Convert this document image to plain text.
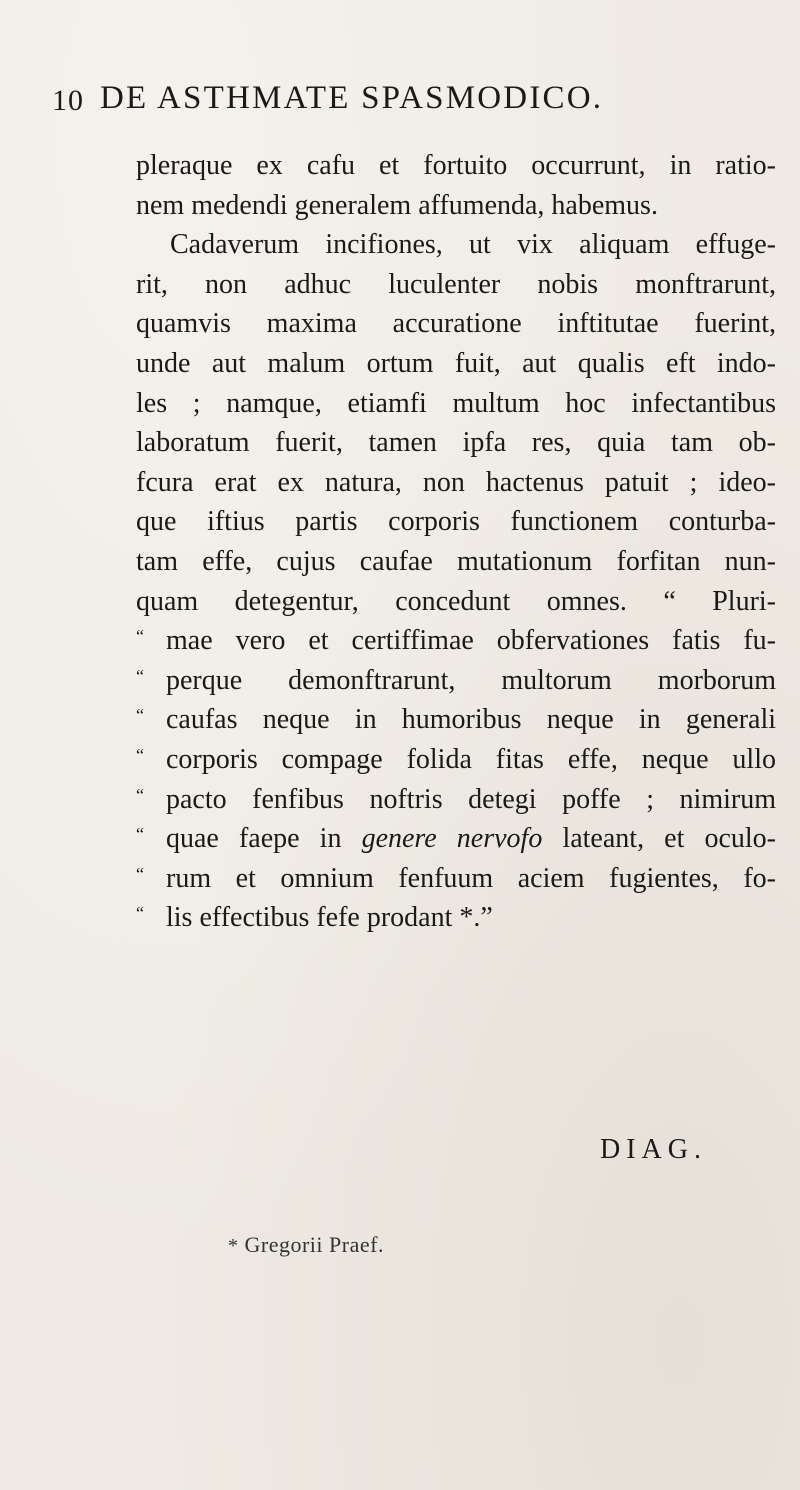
10 DE ASTHMATE SPASMODICO.
pleraque ex cafu et fortuito occurrunt, in ratio-
nem medendi generalem affumenda, habemus.
Cadaverum incifiones, ut vix aliquam effuge-
rit, non adhuc luculenter nobis monftrarunt,
quamvis maxima accuratione inftitutae fuerint,
unde aut malum ortum fuit, aut qualis eft indo-
les ; namque, etiamfi multum hoc infectantibus
laboratum fuerit, tamen ipfa res, quia tam ob-
fcura erat ex natura, non hactenus patuit ; ideo-
que iftius partis corporis functionem conturba-
tam effe, cujus caufae mutationum forfitan nun-
quam detegentur, concedunt omnes. “ Pluri-
“ mae vero et certiffimae obfervationes fatis fu-
“ perque demonftrarunt, multorum morborum
“ caufas neque in humoribus neque in generali
“ corporis compage folida fitas effe, neque ullo
“ pacto fenfibus noftris detegi poffe ; nimirum
“ quae faepe in genere nervofo lateant, et oculo-
“ rum et omnium fenfuum aciem fugientes, fo-
“ lis effectibus fefe prodant *.”
DIAG.
* Gregorii Praef.
